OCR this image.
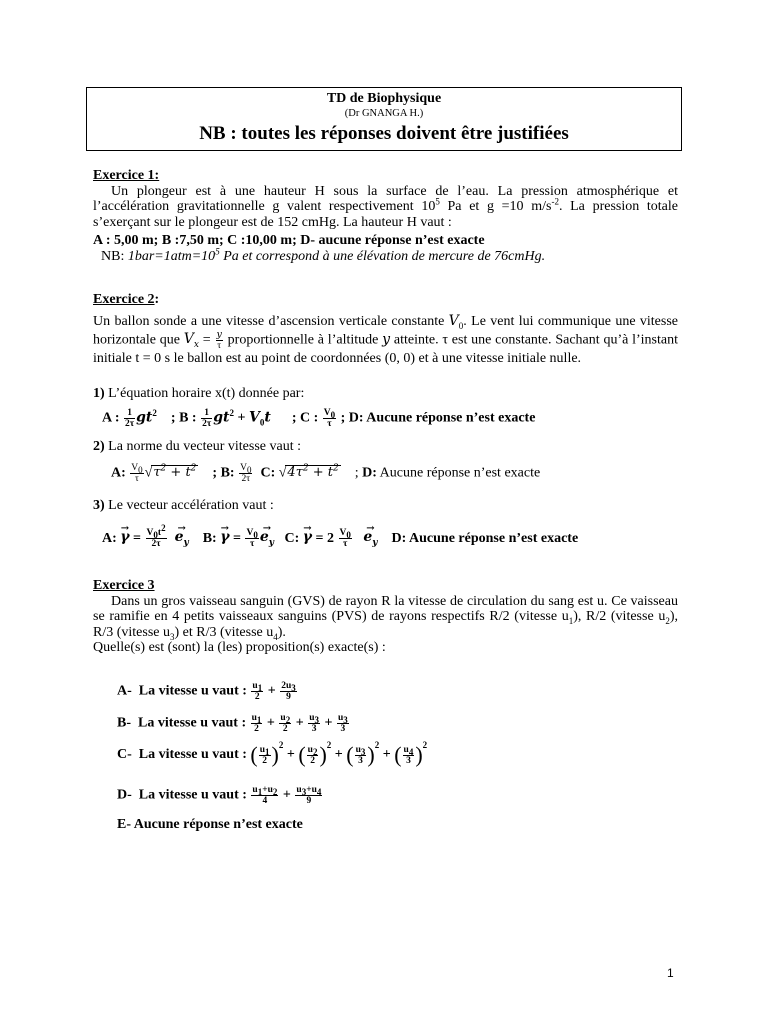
TD de Biophysique
(Dr GNANGA H.)
NB : toutes les réponses doivent être justifiées
Exercice 1:
Un plongeur est à une hauteur H sous la surface de l’eau. La pression atmosphérique et l’accélération gravitationnelle g valent respectivement $10^5$ Pa et g =10 $m/s^{-2}$. La pression totale s’exerçant sur le plongeur est de 152 cmHg. La hauteur H vaut :
A : 5,00 m; B :7,50 m; C :10,00 m; D- aucune réponse n’est exacte
NB: $1bar=1atm=10^5$ Pa et correspond à une élévation de mercure de 76cmHg.
Exercice 2:
Un ballon sonde a une vitesse d’ascension verticale constante $V_0$. Le vent lui communique une vitesse horizontale que $V_x = \frac{y}{\tau}$ proportionnelle à l’altitude y atteinte. τ est une constante. Sachant qu’à l’instant initiale t = 0 s le ballon est au point de coordonnées (0, 0) et à une vitesse initiale nulle.
1) L’équation horaire x(t) donnée par:
A : $\frac{1}{2\tau} gt^2$    ; B : $\frac{1}{2\tau} gt^2 + V_0t$      ; C : $\frac{V_0}{\tau}$ ; D: Aucune réponse n’est exacte
2) La norme du vecteur vitesse vaut :
A: $\frac{V_0}{\tau} √\tau^2 + t^2$ ; B: $\frac{V_0}{2\tau} C$: $√4\tau^2 + t^2$    ; D: Aucune réponse n’est exacte
3) Le vecteur accélération vaut :
A: → $\gamma = \frac{V_0t^2}{2\tau}$
→ $e_y$    B: → $\gamma = \frac{V_0}{\tau}$
→ $e_y$   C: → $\gamma = 2 \frac{V_0}{\tau}$
→ $e_y$ D: Aucune réponse n’est exacte
Exercice 3
Dans un gros vaisseau sanguin (GVS) de rayon R la vitesse de circulation du sang est u. Ce vaisseau se ramifie en 4 petits vaisseaux sanguins (PVS) de rayons respectifs R/2 (vitesse $u_1$), R/2 (vitesse $u_2$), R/3 (vitesse $u_3$) et R/3 (vitesse $u_4$).
Quelle(s) est (sont) la (les) proposition(s) exacte(s) :
A-  La vitesse u vaut : $\frac{u_1}{2} + \frac{2u_3}{9}$
B-  La vitesse u vaut : $\frac{u_1}{2} + \frac{u_2}{2} + \frac{u_3}{3} + \frac{u_3}{3}$
C-  La vitesse u vaut : ( $\frac{u_1}{2} )^2$ + ( $\frac{u_2}{2} )^2$ + ( $\frac{u_3}{3} )^2$ + ( $\frac{u_4}{3} )^2$
D-  La vitesse u vaut : $\frac{u_1+u_2}{4} + \frac{u_3+u_4}{9}$
E- Aucune réponse n’est exacte
1
